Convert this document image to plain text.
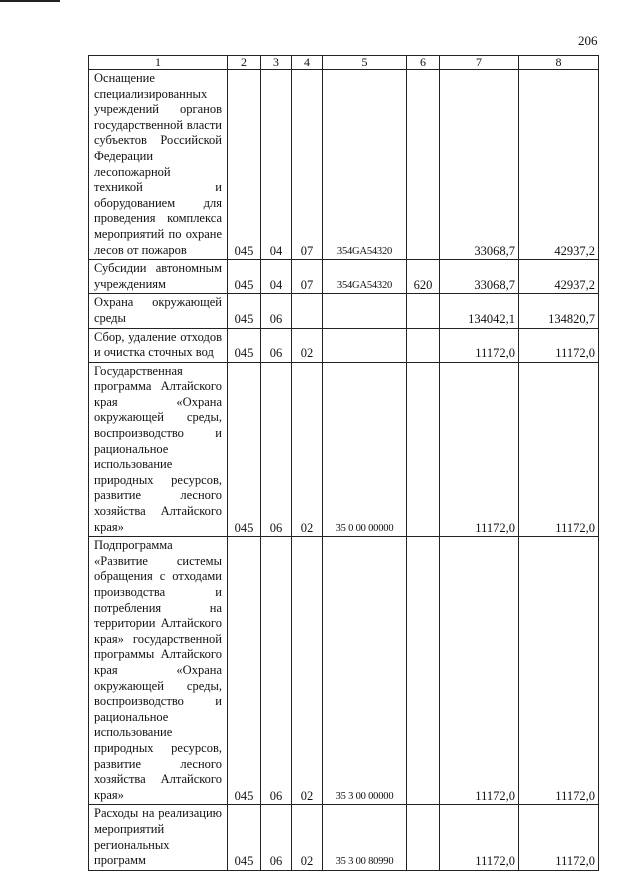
206
1	2	3	4	5	6	7	8
Оснащение специализированных учреждений органов государственной власти субъектов Российской Федерации лесопожарной техникой и оборудованием для проведения комплекса мероприятий по охране лесов от пожаров	045	04	07	354GA54320		33068,7	42937,2
Субсидии автономным учреждениям	045	04	07	354GA54320	620	33068,7	42937,2
Охрана окружающей среды	045	06				134042,1	134820,7
Сбор, удаление отходов и очистка сточных вод	045	06	02			11172,0	11172,0
Государственная программа Алтайского края «Охрана окружающей среды, воспроизводство и рациональное использование природных ресурсов, развитие лесного хозяйства Алтайского края»	045	06	02	35 0 00 00000		11172,0	11172,0
Подпрограмма «Развитие системы обращения с отходами производства и потребления на территории Алтайского края» государственной программы Алтайского края «Охрана окружающей среды, воспроизводство и рациональное использование природных ресурсов, развитие лесного хозяйства Алтайского края»	045	06	02	35 3 00 00000		11172,0	11172,0
Расходы на реализацию мероприятий региональных программ	045	06	02	35 3 00 80990		11172,0	11172,0
